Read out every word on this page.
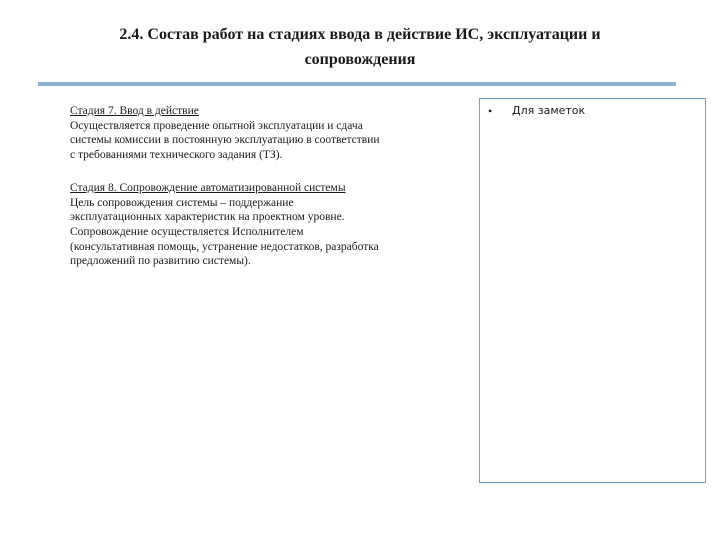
2.4. Состав работ на стадиях ввода в действие ИС, эксплуатации и
сопровождения
Стадия 7. Ввод в действие
Осуществляется проведение опытной эксплуатации и сдача
системы комиссии в постоянную эксплуатацию в соответствии
с требованиями технического задания (ТЗ).
Стадия 8. Сопровождение автоматизированной системы
Цель сопровождения системы – поддержание
эксплуатационных характеристик на проектном уровне.
Сопровождение осуществляется Исполнителем
(консультативная помощь, устранение недостатков, разработка
предложений по развитию системы).
• Для заметок
